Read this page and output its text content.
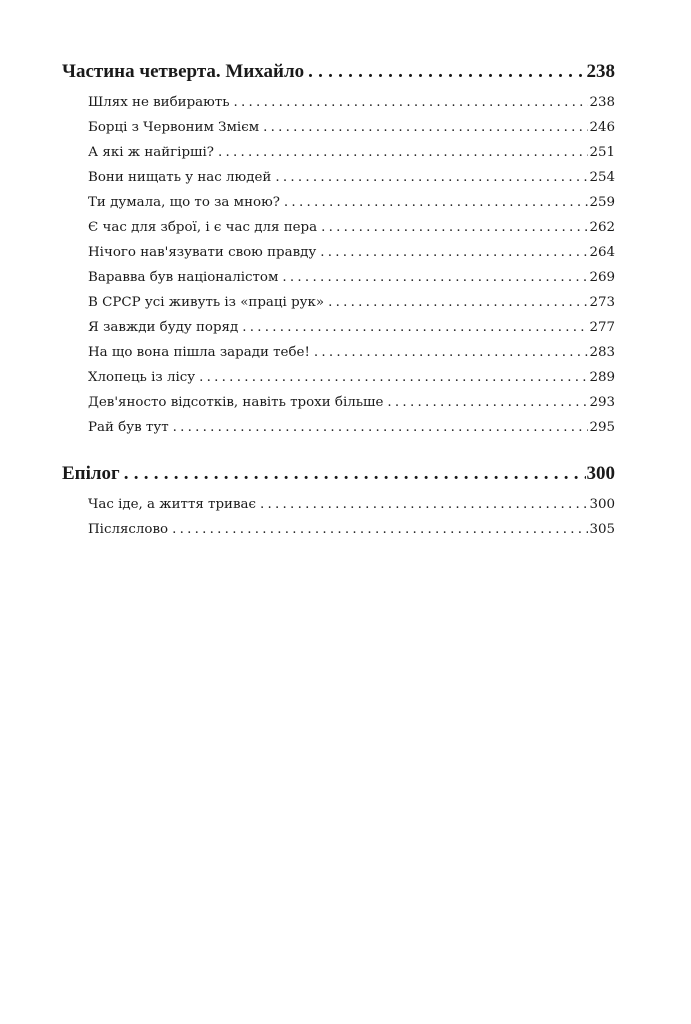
Частина четверта. Михайло . . .	238
Шлях не вибирають . . .	238
Борці з Червоним Змієм . . .	246
А які ж найгірші? . . .	251
Вони нищать у нас людей . . .	254
Ти думала, що то за мною? . . .	259
Є час для зброї, і є час для пера . . .	262
Нічого нав'язувати свою правду . . .	264
Варавва був націоналістом . . .	269
В СРСР усі живуть із «праці рук» . . .	273
Я завжди буду поряд . . .	277
На що вона пішла заради тебе! . . .	283
Хлопець із лісу . . .	289
Дев'яносто відсотків, навіть трохи більше . . .	293
Рай був тут . . .	295
Епілог . . .	300
Час іде, а життя триває . . .	300
Післяслово . . .	305
